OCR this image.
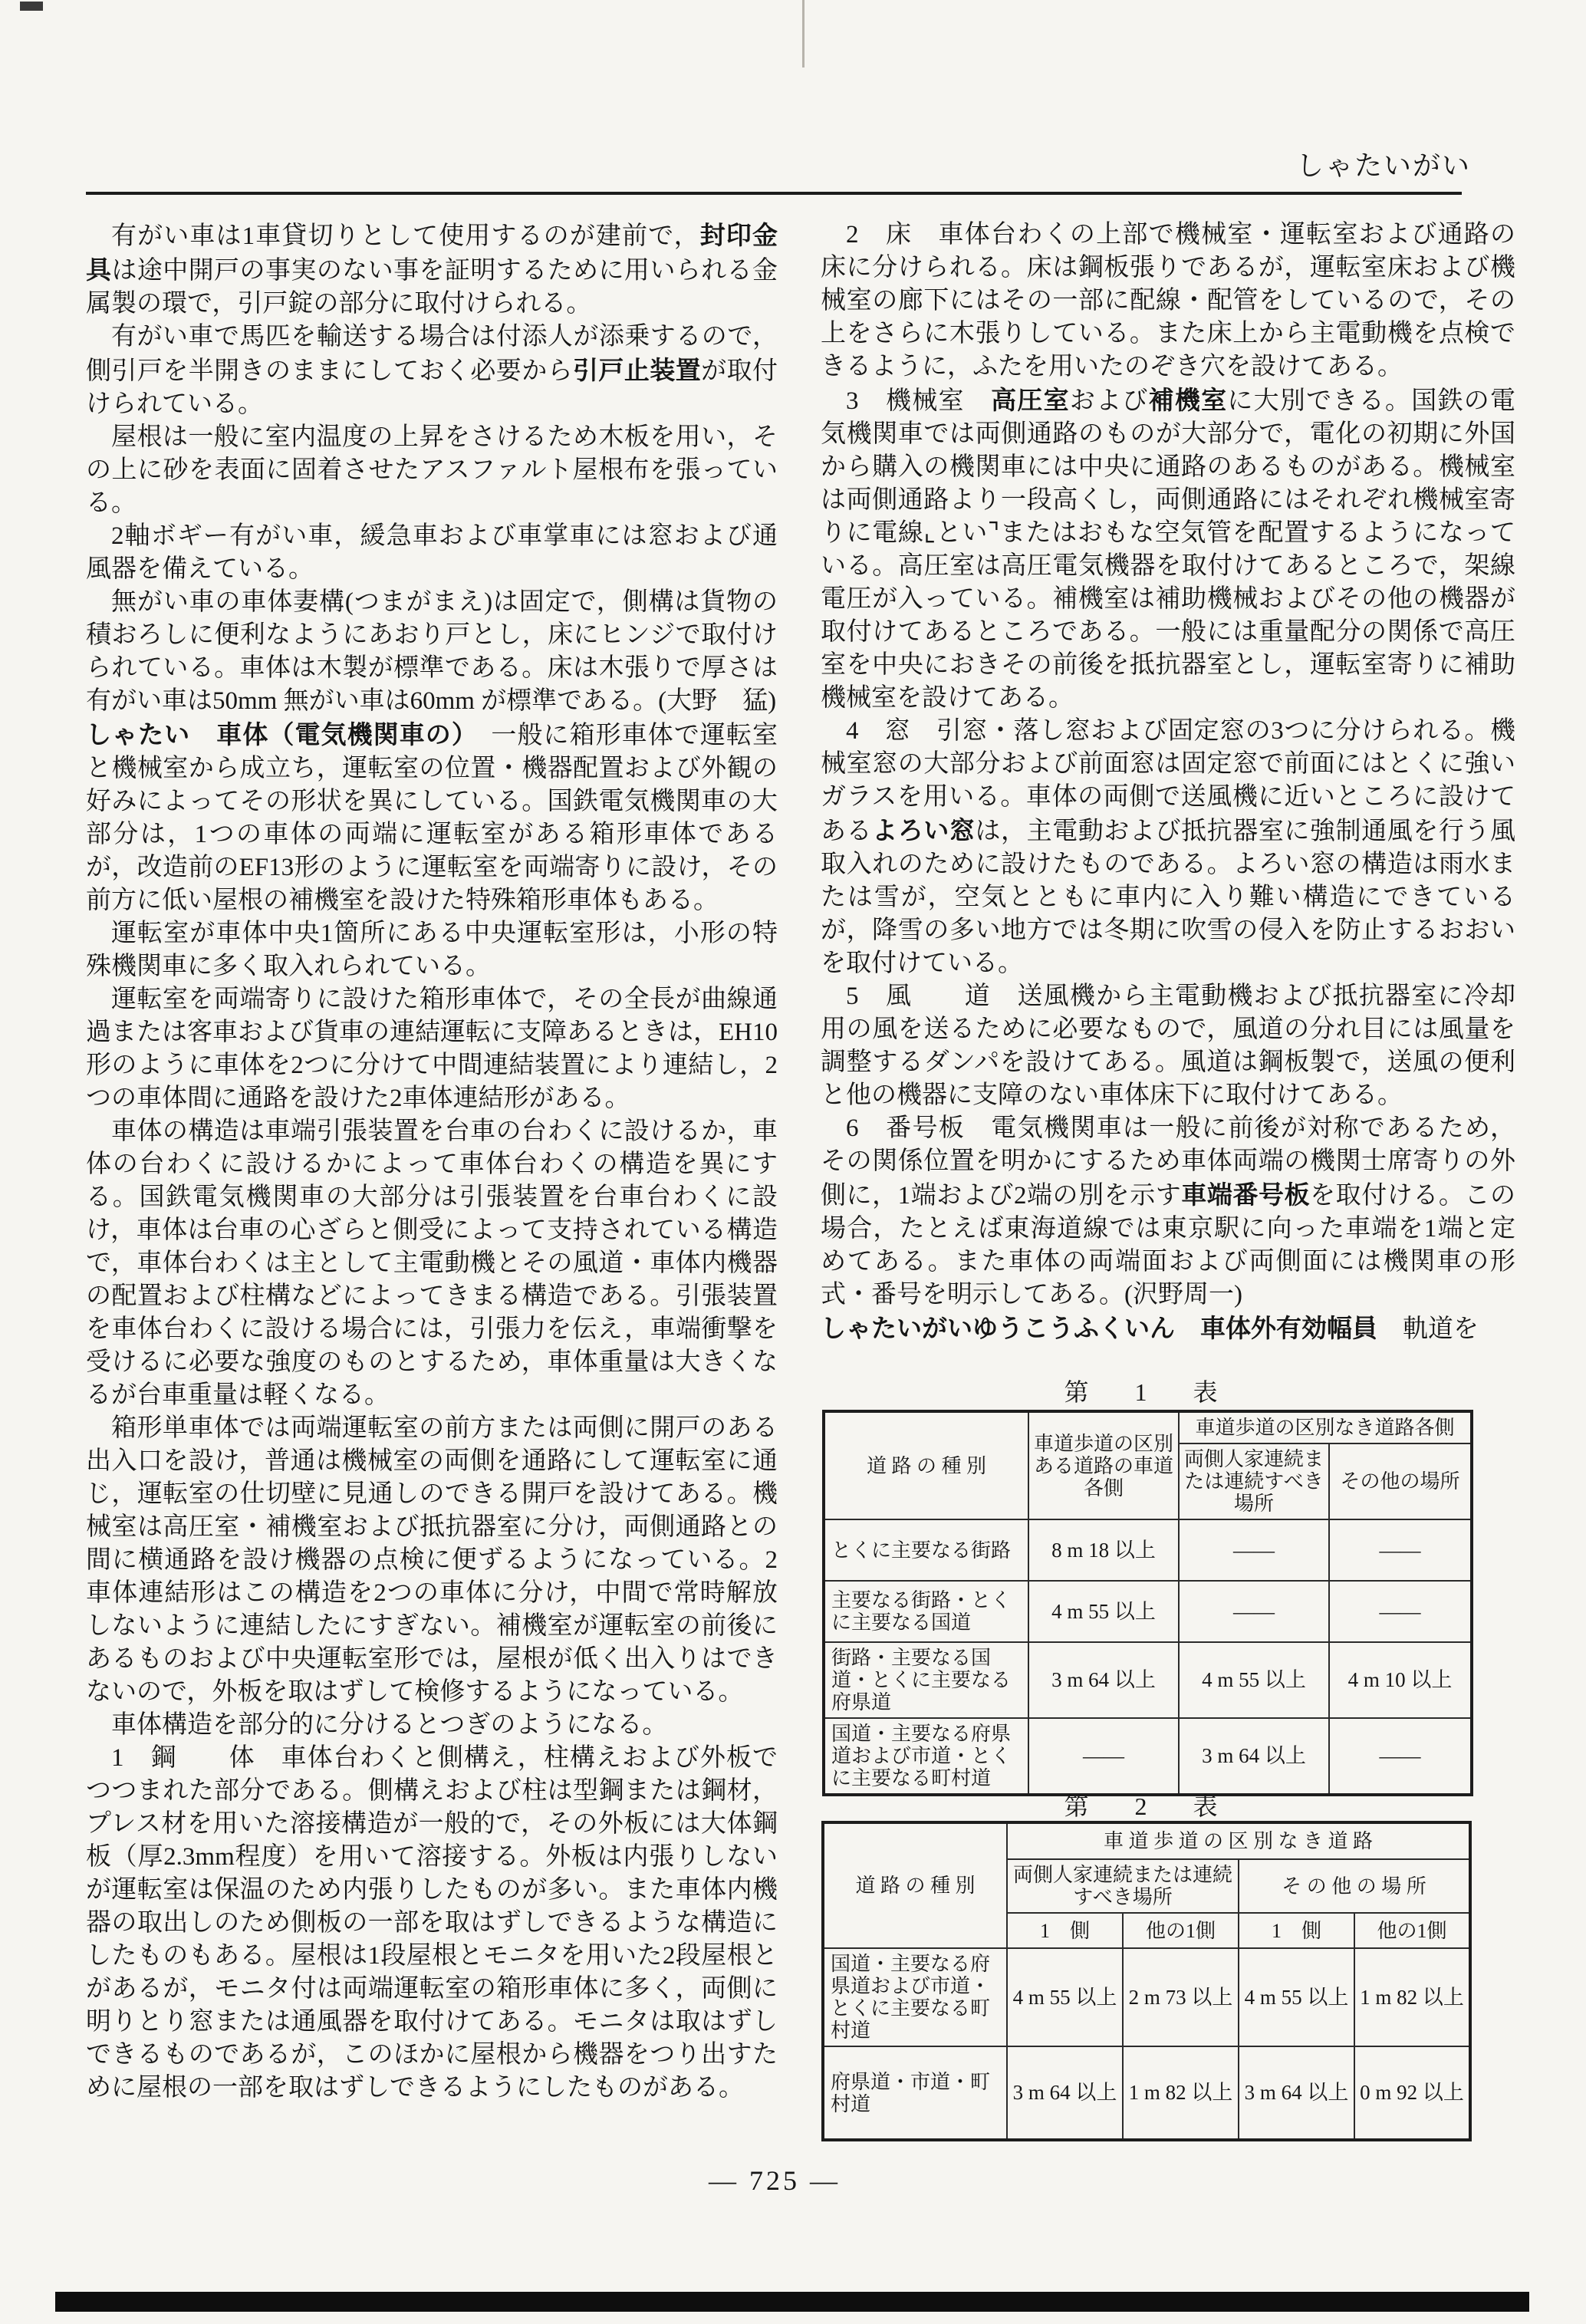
しゃたいがい

有がい車は1車貸切りとして使用するのが建前で，封印金具は途中開戸の事実のない事を証明するために用いられる金属製の環で，引戸錠の部分に取付けられる。

有がい車で馬匹を輸送する場合は付添人が添乗するので，側引戸を半開きのままにしておく必要から引戸止装置が取付けられている。

屋根は一般に室内温度の上昇をさけるため木板を用い，その上に砂を表面に固着させたアスファルト屋根布を張っている。

2軸ボギー有がい車，緩急車および車掌車には窓および通風器を備えている。

無がい車の車体妻構(つまがまえ)は固定で，側構は貨物の積おろしに便利なようにあおり戸とし，床にヒンジで取付けられている。車体は木製が標準である。床は木張りで厚さは有がい車は50mm 無がい車は60mm が標準である。(大野　猛)

しゃたい　 車体（電気機関車の）　一般に箱形車体で運転室と機械室から成立ち，運転室の位置・機器配置および外観の好みによってその形状を異にしている。国鉄電気機関車の大部分は，1つの車体の両端に運転室がある箱形車体であるが，改造前のEF13形のように運転室を両端寄りに設け，その前方に低い屋根の補機室を設けた特殊箱形車体もある。

運転室が車体中央1箇所にある中央運転室形は，小形の特殊機関車に多く取入れられている。

運転室を両端寄りに設けた箱形車体で，その全長が曲線通過または客車および貨車の連結運転に支障あるときは，EH10形のように車体を2つに分けて中間連結装置により連結し，2つの車体間に通路を設けた2車体連結形がある。

車体の構造は車端引張装置を台車の台わくに設けるか，車体の台わくに設けるかによって車体台わくの構造を異にする。国鉄電気機関車の大部分は引張装置を台車台わくに設け，車体は台車の心ざらと側受によって支持されている構造で，車体台わくは主として主電動機とその風道・車体内機器の配置および柱構などによってきまる構造である。引張装置を車体台わくに設ける場合には，引張力を伝え，車端衝撃を受けるに必要な強度のものとするため，車体重量は大きくなるが台車重量は軽くなる。

箱形単車体では両端運転室の前方または両側に開戸のある出入口を設け，普通は機械室の両側を通路にして運転室に通じ，運転室の仕切壁に見通しのできる開戸を設けてある。機械室は高圧室・補機室および抵抗器室に分け，両側通路との間に横通路を設け機器の点検に便ずるようになっている。2車体連結形はこの構造を2つの車体に分け，中間で常時解放しないように連結したにすぎない。補機室が運転室の前後にあるものおよび中央運転室形では，屋根が低く出入りはできないので，外板を取はずして検修するようになっている。

車体構造を部分的に分けるとつぎのようになる。

1　鋼　　体　車体台わくと側構え，柱構えおよび外板でつつまれた部分である。側構えおよび柱は型鋼または鋼材，プレス材を用いた溶接構造が一般的で，その外板には大体鋼板（厚2.3mm程度）を用いて溶接する。外板は内張りしないが運転室は保温のため内張りしたものが多い。また車体内機器の取出しのため側板の一部を取はずしできるような構造にしたものもある。屋根は1段屋根とモニタを用いた2段屋根とがあるが，モニタ付は両端運転室の箱形車体に多く，両側に明りとり窓または通風器を取付けてある。モニタは取はずしできるものであるが，このほかに屋根から機器をつり出すために屋根の一部を取はずしできるようにしたものがある。

2　床　車体台わくの上部で機械室・運転室および通路の床に分けられる。床は鋼板張りであるが，運転室床および機械室の廊下にはその一部に配線・配管をしているので，その上をさらに木張りしている。また床上から主電動機を点検できるように，ふたを用いたのぞき穴を設けてある。

3　機械室　高圧室および補機室に大別できる。国鉄の電気機関車では両側通路のものが大部分で，電化の初期に外国から購入の機関車には中央に通路のあるものがある。機械室は両側通路より一段高くし，両側通路にはそれぞれ機械室寄りに電線⌞とい⌝またはおもな空気管を配置するようになっている。高圧室は高圧電気機器を取付けてあるところで，架線電圧が入っている。補機室は補助機械およびその他の機器が取付けてあるところである。一般には重量配分の関係で高圧室を中央におきその前後を抵抗器室とし，運転室寄りに補助機械室を設けてある。

4　窓　引窓・落し窓および固定窓の3つに分けられる。機械室窓の大部分および前面窓は固定窓で前面にはとくに強いガラスを用いる。車体の両側で送風機に近いところに設けてあるよろい窓は，主電動および抵抗器室に強制通風を行う風取入れのために設けたものである。よろい窓の構造は雨水または雪が，空気とともに車内に入り難い構造にできているが，降雪の多い地方では冬期に吹雪の侵入を防止するおおいを取付けている。

5　風　　道　送風機から主電動機および抵抗器室に冷却用の風を送るために必要なもので，風道の分れ目には風量を調整するダンパを設けてある。風道は鋼板製で，送風の便利と他の機器に支障のない車体床下に取付けてある。

6　番号板　電気機関車は一般に前後が対称であるため，その関係位置を明かにするため車体両端の機関士席寄りの外側に，1端および2端の別を示す車端番号板を取付ける。この場合，たとえば東海道線では東京駅に向った車端を1端と定めてある。また車体の両端面および両側面には機関車の形式・番号を明示してある。(沢野周一)

しゃたいがいゆうこうふくいん　 車体外有効幅員　軌道を

第　1　表
道 路 の 種 別	車道歩道の区別ある道路の車道各側	車道歩道の区別なき道路各側	
		両側人家連続または連続すべき場所	その他の場所
とくに主要なる街路	8 m 18 以上	――	――
主要なる街路・とくに主要なる国道	4 m 55 以上	――	――
街路・主要なる国道・とくに主要なる府県道	3 m 64 以上	4 m 55 以上	4 m 10 以上
国道・主要なる府県道および市道・とくに主要なる町村道	――	3 m 64 以上	――
第　2　表
道 路 の 種 別	車 道 歩 道 の 区 別 な き 道 路			
	両側人家連続または連続すべき場所		そ の 他 の 場 所	
	1　側	他の1側	1　側	他の1側
国道・主要なる府県道および市道・とくに主要なる町村道	4 m 55 以上	2 m 73 以上	4 m 55 以上	1 m 82 以上
府県道・市道・町村道	3 m 64 以上	1 m 82 以上	3 m 64 以上	0 m 92 以上
― 725 ―
